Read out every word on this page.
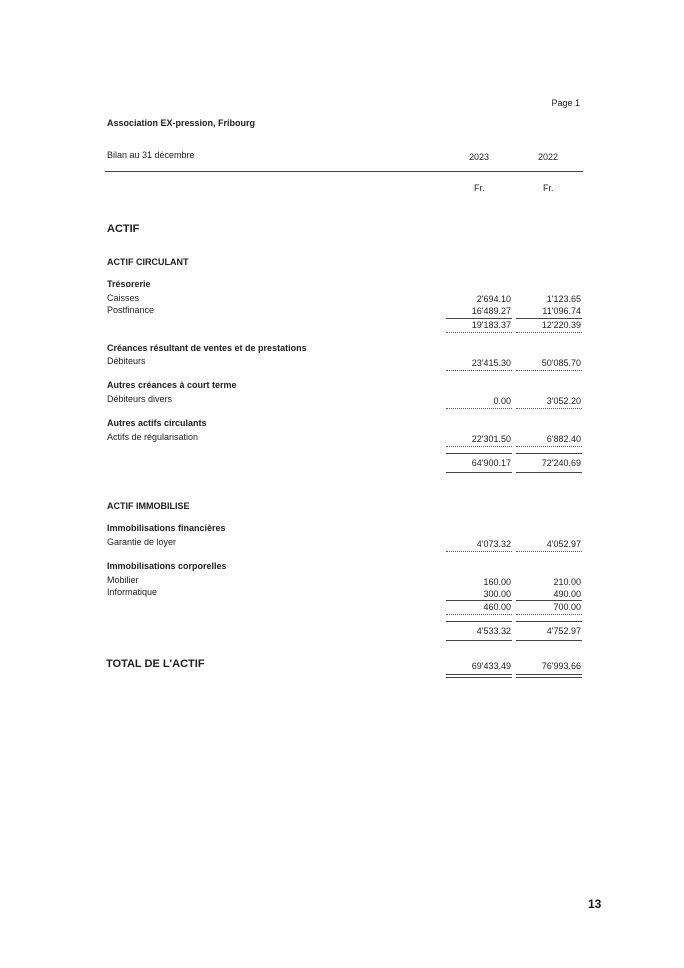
Page 1
Association EX-pression, Fribourg
Bilan au 31 décembre	2023	2022
Fr.	Fr.
ACTIF
ACTIF CIRCULANT
Trésorerie
Caisses	2'694.10	1'123.65
Postfinance	16'489.27	11'096.74
19'183.37	12'220.39
Créances résultant de ventes et de prestations
Débiteurs	23'415.30	50'085.70
Autres créances à court terme
Débiteurs divers	0.00	3'052.20
Autres actifs circulants
Actifs de régularisation	22'301.50	6'882.40
64'900.17	72'240.69
ACTIF IMMOBILISE
Immobilisations financières
Garantie de loyer	4'073.32	4'052.97
Immobilisations corporelles
Mobilier	160.00	210.00
Informatique	300.00	490.00
460.00	700.00
4'533.32	4'752.97
TOTAL DE L'ACTIF	69'433.49	76'993.66
13
